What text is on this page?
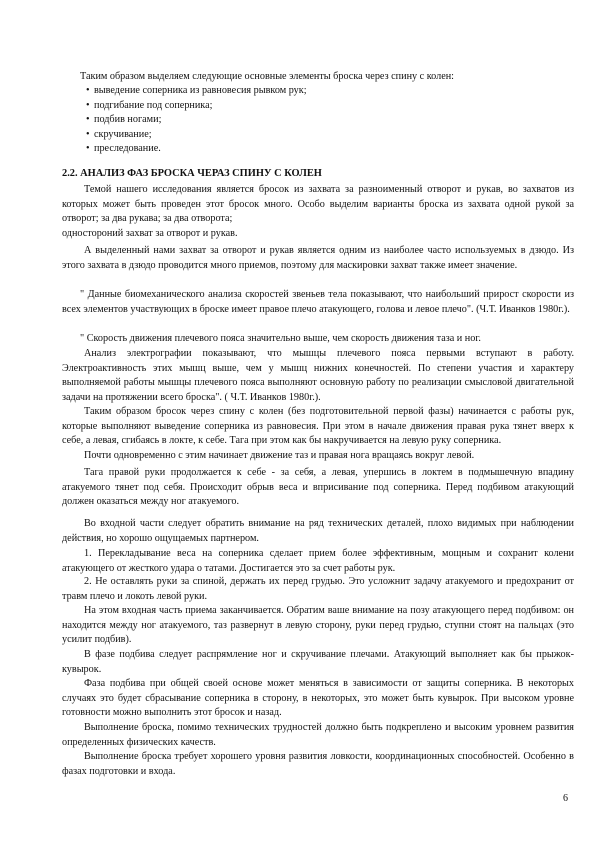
Таким образом выделяем следующие основные элементы броска через спину с колен:

• выведение соперника из равновесия рывком рук;
• подгибание под соперника;
• подбив ногами;
• скручивание;
• преследование.
2.2. АНАЛИЗ ФАЗ БРОСКА ЧЕРАЗ СПИНУ С КОЛЕН

Темой нашего исследования является бросок из захвата за разноименный отворот и рукав, во захватов из которых может быть проведен этот бросок много. Особо выделим варианты броска из захвата одной рукой за отворот; за два рукава; за два отворота;

одностороний захват за отворот и рукав.

А выделенный нами захват за отворот и рукав является одним из наиболее часто используемых в дзюдо. Из этого захвата в дзюдо проводится много приемов, поэтому для маскировки захват также имеет значение.

" Данные биомеханического анализа скоростей звеньев тела показывают, что наибольший прирост скорости из всех элементов участвующих в броске имеет правое плечо атакующего, голова и левое плечо". (Ч.Т. Иванков 1980г.).

" Скорость движения плечевого пояса значительно выше, чем скорость движения таза и ног.

Анализ электрографии показывают, что мышцы плечевого пояса первыми вступают в работу. Электроактивность этих мышц выше, чем у мышц нижних конечностей. По степени участия и характеру выполняемой работы мышцы плечевого пояса выполняют основную работу по реализации смысловой двигательной задачи на протяжении всего броска". ( Ч.Т. Иванков 1980г.).

Таким образом бросок через спину с колен (без подготовительной первой фазы) начинается с работы рук, которые выполняют выведение соперника из равновесия. При этом в начале движения правая рука тянет вверх к себе, а левая, сгибаясь в локте, к себе. Тага при этом как бы накручивается на левую руку соперника.

Почти одновременно с этим начинает движение таз и правая нога вращаясь вокруг левой.

Тага правой руки продолжается к себе - за себя, а левая, упершись в локтем в подмышечную впадину атакуемого тянет под себя. Происходит обрыв веса и вприсивание под соперника. Перед подбивом атакующий должен оказаться между ног атакуемого.

Во входной части следует обратить внимание на ряд технических деталей, плохо видимых при наблюдении действия, но хорошо ощущаемых партнером.

1. Перекладывание веса на соперника сделает прием более эффективным, мощным и сохранит колени атакующего от жесткого удара о татами. Достигается это за счет работы рук.

2. Не оставлять руки за спиной, держать их перед грудью. Это усложнит задачу атакуемого и предохранит от травм плечо и локоть левой руки.

На этом входная часть приема заканчивается. Обратим ваше внимание на позу атакующего перед подбивом: он находится между ног атакуемого, таз развернут в левую сторону, руки перед грудью, ступни стоят на пальцах (это усилит подбив).

В фазе подбива следует распрямление ног и скручивание плечами. Атакующий выполняет как бы прыжок-кувырок.

Фаза подбива при общей своей основе может меняться в зависимости от защиты соперника. В некоторых случаях это будет сбрасывание соперника в сторону, в некоторых, это может быть кувырок. При высоком уровне готовности можно выполнить этот бросок и назад.

Выполнение броска, помимо технических трудностей должно быть подкреплено и высоким уровнем развития определенных физических качеств.

Выполнение броска требует хорошего уровня развития ловкости, координационных способностей. Особенно в фазах подготовки и входа.

6
